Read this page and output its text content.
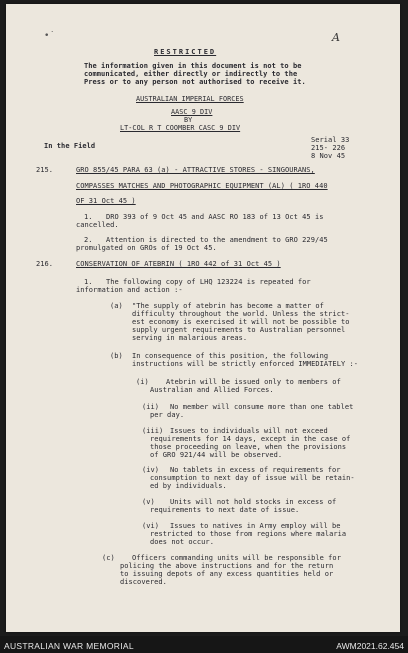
A
•˙
RESTRICTED
The information given in this document is not to be
communicated, either directly or indirectly to the
Press or to any person not authorised to receive it.
AUSTRALIAN IMPERIAL FORCES
AASC 9 DIV
BY
LT-COL R T COOMBER CASC 9 DIV
In the Field
Serial 33
215- 226
8 Nov 45
215.	GRO 855/45 PARA 63 (a) - ATTRACTIVE STORES - SINGOURANS,
COMPASSES MATCHES AND PHOTOGRAPHIC EQUIPMENT (AL) ( 1RO 440
OF 31 Oct 45 )
1. DRO 393 of 9 Oct 45 and AASC RO 183 of 13 Oct 45 is
cancelled.
2. Attention is directed to the amendment to GRO 229/45
promulgated on GROs of 19 Oct 45.
216.	CONSERVATION OF ATEBRIN ( 1RO 442 of 31 Oct 45 )
1. The following copy of LHQ 123224 is repeated for
information and action :-
(a) "The supply of atebrin has become a matter of
difficulty throughout the world. Unless the strict-
est economy is exercised it will not be possible to
supply urgent requirements to Australian personnel
serving in malarious areas.
(b) In consequence of this position, the following
instructions will be strictly enforced IMMEDIATELY :-
(i) Atebrin will be issued only to members of
Australian and Allied Forces.
(ii) No member will consume more than one tablet
per day.
(iii) Issues to individuals will not exceed
requirements for 14 days, except in the case of
those proceeding on leave, when the provisions
of GRO 921/44 will be observed.
(iv) No tablets in excess of requirements for
consumption to next day of issue will be retain-
ed by individuals.
(v) Units will not hold stocks in excess of
requirements to next date of issue.
(vi) Issues to natives in Army employ will be
restricted to those from regions where malaria
does not occur.
(c) Officers commanding units will be responsible for
policing the above instructions and for the return
to issuing depots of any excess quantities held or
discovered.
AUSTRALIAN WAR MEMORIAL	AWM2021.62.454
